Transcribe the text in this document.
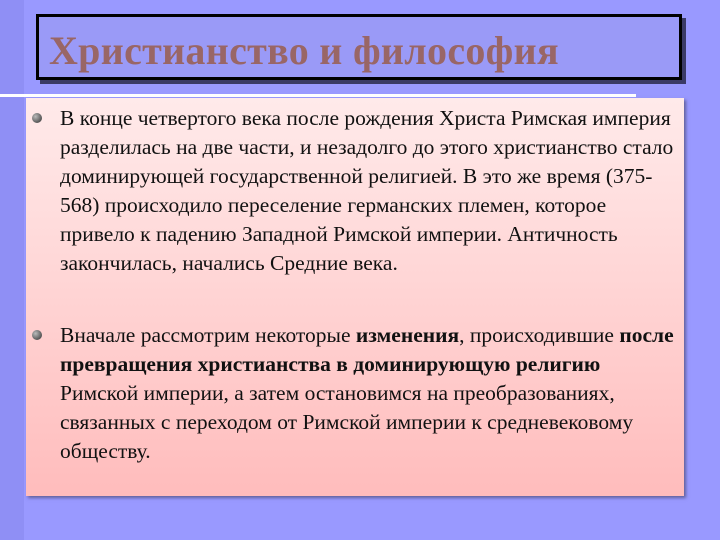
Христианство и философия
В конце четвертого века после рождения Христа Римская империя разделилась на две части, и незадолго до этого христианство стало доминирующей государственной религией. В это же время (375-568) происходило переселение германских племен, которое привело к падению Западной Римской империи. Античность закончилась, начались Средние века.
Вначале рассмотрим некоторые изменения, происходившие после превращения христианства в доминирующую религию Римской империи, а затем остановимся на преобразованиях, связанных с переходом от Римской империи к средневековому обществу.
